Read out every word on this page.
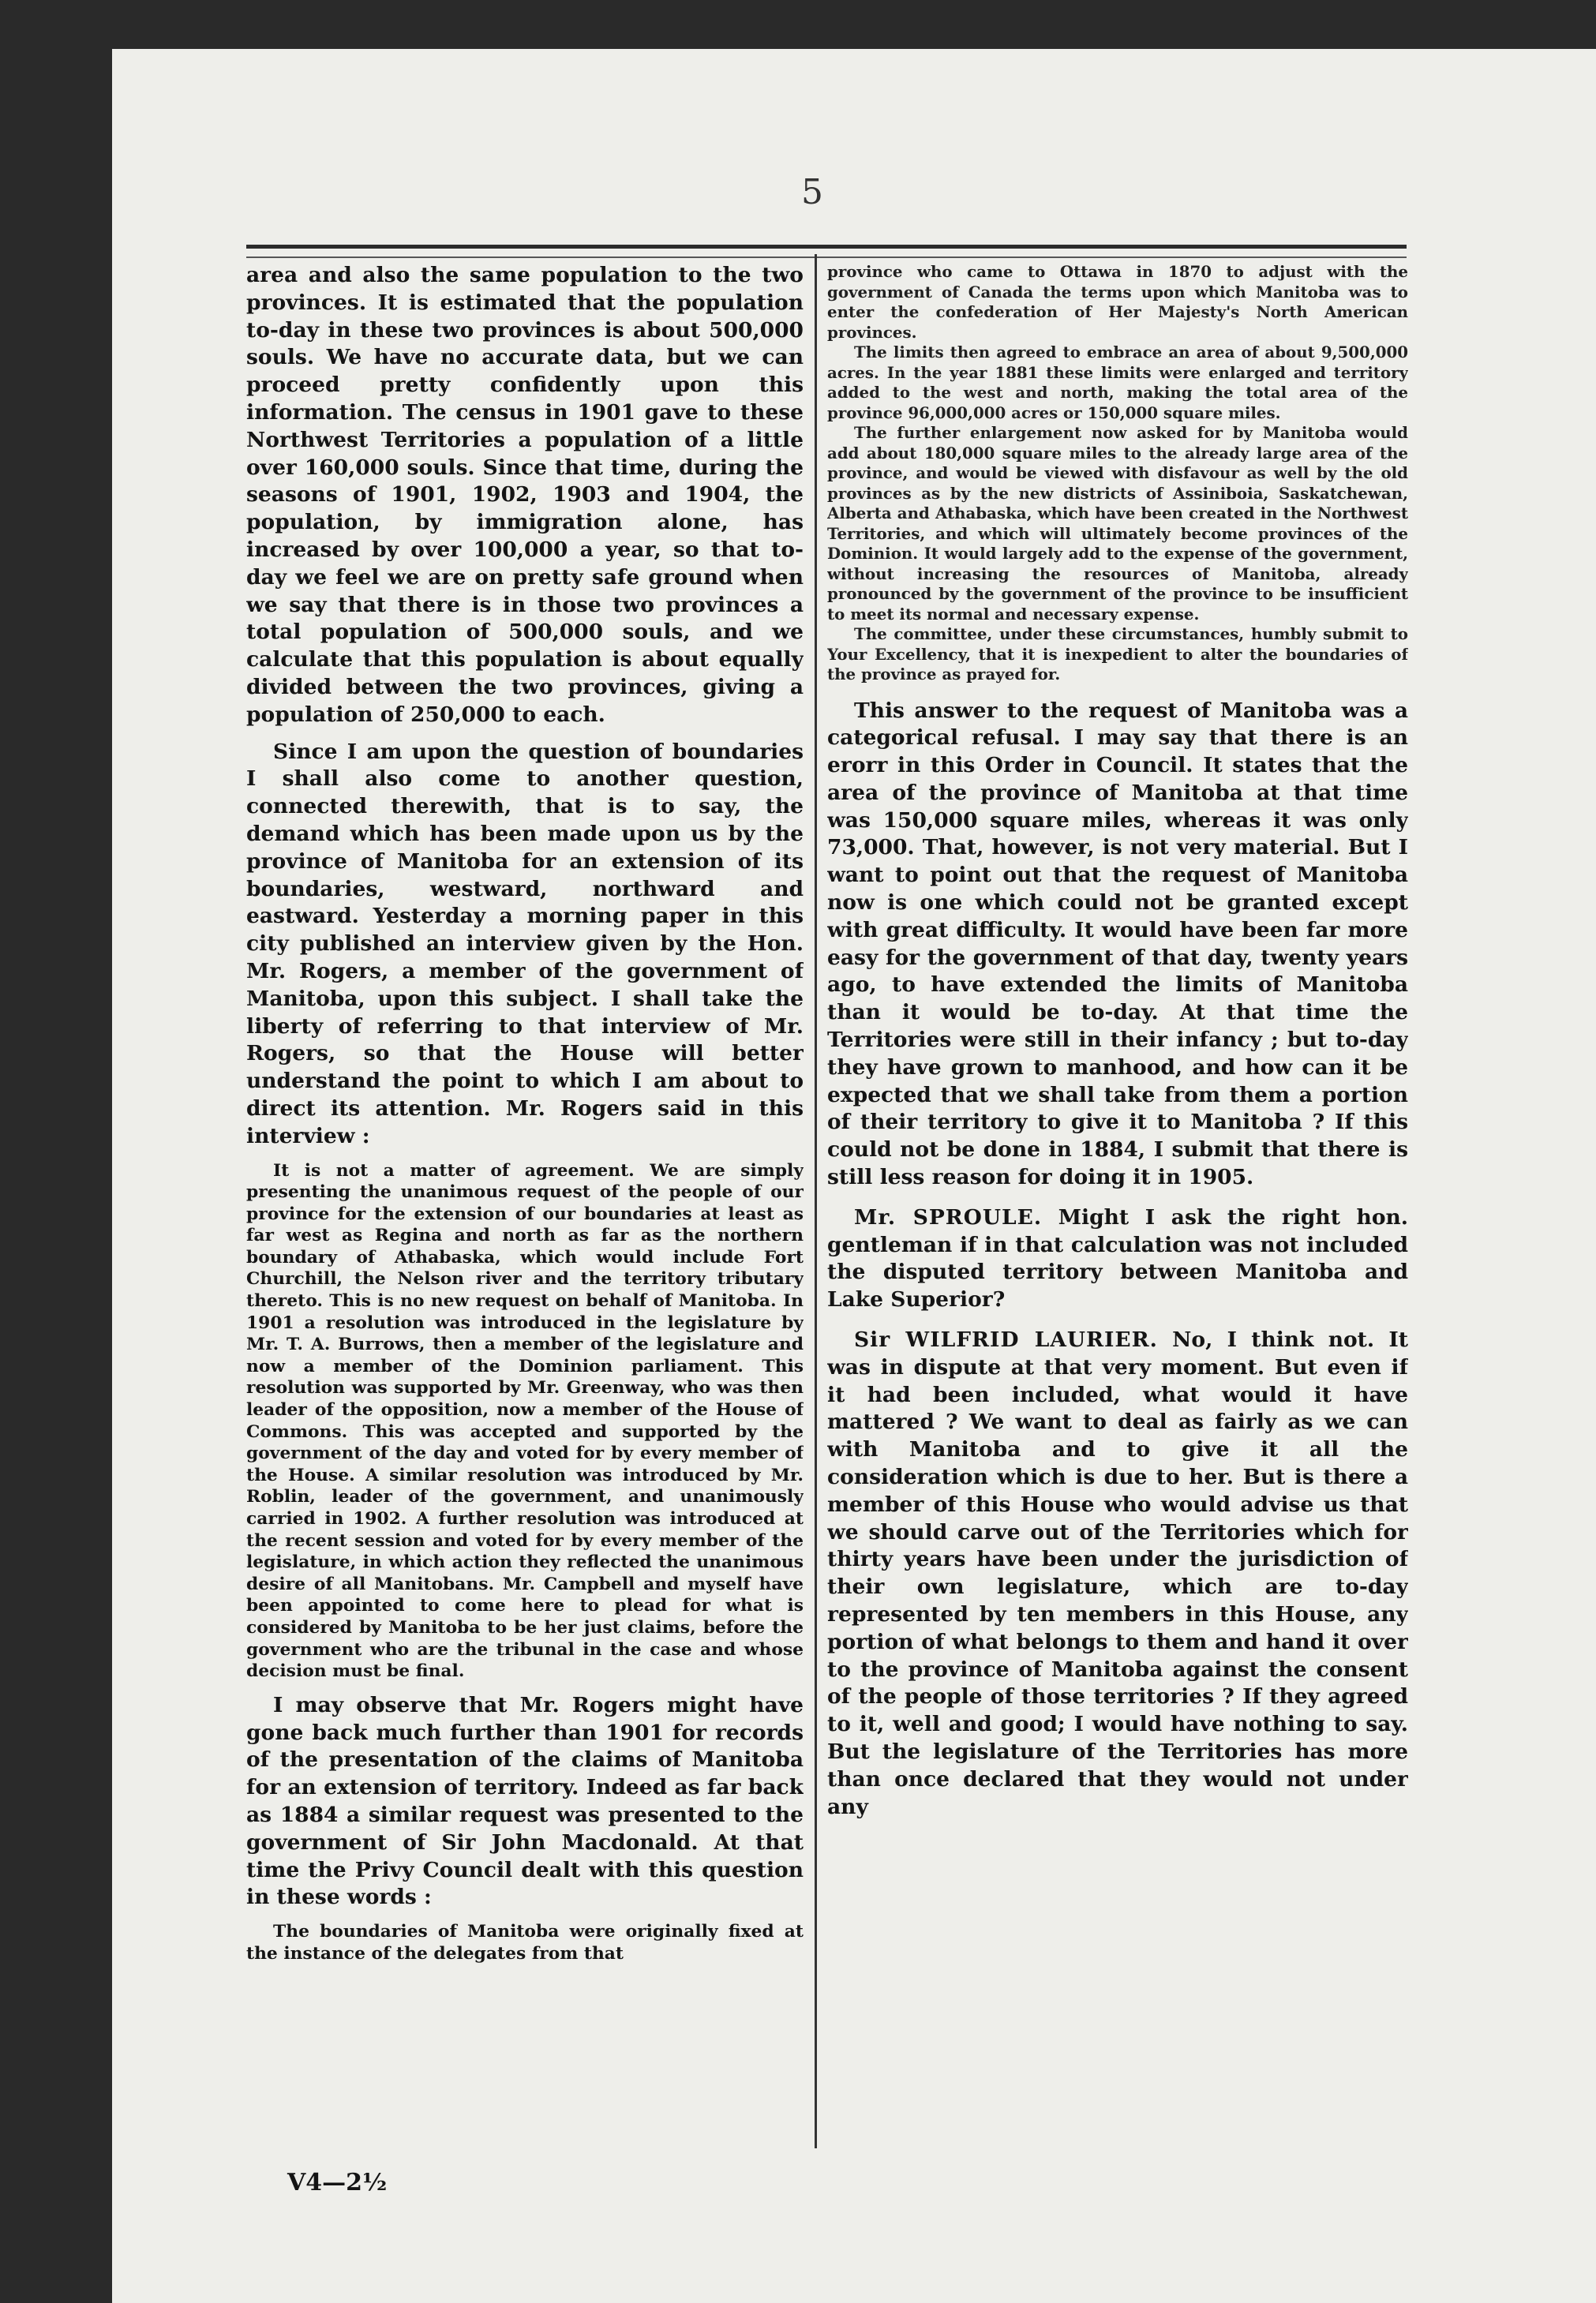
5

area and also the same population to the two provinces. It is estimated that the population to-day in these two provinces is about 500,000 souls. We have no accurate data, but we can proceed pretty confidently upon this information. The census in 1901 gave to these Northwest Territories a population of a little over 160,000 souls. Since that time, during the seasons of 1901, 1902, 1903 and 1904, the population, by immigration alone, has increased by over 100,000 a year, so that to-day we feel we are on pretty safe ground when we say that there is in those two provinces a total population of 500,000 souls, and we calculate that this population is about equally divided between the two provinces, giving a population of 250,000 to each.

Since I am upon the question of boundaries I shall also come to another question, connected therewith, that is to say, the demand which has been made upon us by the province of Manitoba for an extension of its boundaries, westward, northward and eastward. Yesterday a morning paper in this city published an interview given by the Hon. Mr. Rogers, a member of the government of Manitoba, upon this subject. I shall take the liberty of referring to that interview of Mr. Rogers, so that the House will better understand the point to which I am about to direct its attention. Mr. Rogers said in this interview :

It is not a matter of agreement. We are simply presenting the unanimous request of the people of our province for the extension of our boundaries at least as far west as Regina and north as far as the northern boundary of Athabaska, which would include Fort Churchill, the Nelson river and the territory tributary thereto. This is no new request on behalf of Manitoba. In 1901 a resolution was introduced in the legislature by Mr. T. A. Burrows, then a member of the legislature and now a member of the Dominion parliament. This resolution was supported by Mr. Greenway, who was then leader of the opposition, now a member of the House of Commons. This was accepted and supported by the government of the day and voted for by every member of the House. A similar resolution was introduced by Mr. Roblin, leader of the government, and unanimously carried in 1902. A further resolution was introduced at the recent session and voted for by every member of the legislature, in which action they reflected the unanimous desire of all Manitobans. Mr. Campbell and myself have been appointed to come here to plead for what is considered by Manitoba to be her just claims, before the government who are the tribunal in the case and whose decision must be final.

I may observe that Mr. Rogers might have gone back much further than 1901 for records of the presentation of the claims of Manitoba for an extension of territory. Indeed as far back as 1884 a similar request was presented to the government of Sir John Macdonald. At that time the Privy Council dealt with this question in these words :

The boundaries of Manitoba were originally fixed at the instance of the delegates from that

province who came to Ottawa in 1870 to adjust with the government of Canada the terms upon which Manitoba was to enter the confederation of Her Majesty's North American provinces.

The limits then agreed to embrace an area of about 9,500,000 acres. In the year 1881 these limits were enlarged and territory added to the west and north, making the total area of the province 96,000,000 acres or 150,000 square miles.

The further enlargement now asked for by Manitoba would add about 180,000 square miles to the already large area of the province, and would be viewed with disfavour as well by the old provinces as by the new districts of Assiniboia, Saskatchewan, Alberta and Athabaska, which have been created in the Northwest Territories, and which will ultimately become provinces of the Dominion. It would largely add to the expense of the government, without increasing the resources of Manitoba, already pronounced by the government of the province to be insufficient to meet its normal and necessary expense.

The committee, under these circumstances, humbly submit to Your Excellency, that it is inexpedient to alter the boundaries of the province as prayed for.

This answer to the request of Manitoba was a categorical refusal. I may say that there is an erorr in this Order in Council. It states that the area of the province of Manitoba at that time was 150,000 square miles, whereas it was only 73,000. That, however, is not very material. But I want to point out that the request of Manitoba now is one which could not be granted except with great difficulty. It would have been far more easy for the government of that day, twenty years ago, to have extended the limits of Manitoba than it would be to-day. At that time the Territories were still in their infancy ; but to-day they have grown to manhood, and how can it be expected that we shall take from them a portion of their territory to give it to Manitoba ? If this could not be done in 1884, I submit that there is still less reason for doing it in 1905.

Mr. SPROULE. Might I ask the right hon. gentleman if in that calculation was not included the disputed territory between Manitoba and Lake Superior?

Sir WILFRID LAURIER. No, I think not. It was in dispute at that very moment. But even if it had been included, what would it have mattered ? We want to deal as fairly as we can with Manitoba and to give it all the consideration which is due to her. But is there a member of this House who would advise us that we should carve out of the Territories which for thirty years have been under the jurisdiction of their own legislature, which are to-day represented by ten members in this House, any portion of what belongs to them and hand it over to the province of Manitoba against the consent of the people of those territories ? If they agreed to it, well and good; I would have nothing to say. But the legislature of the Territories has more than once declared that they would not under any

V4—2½
